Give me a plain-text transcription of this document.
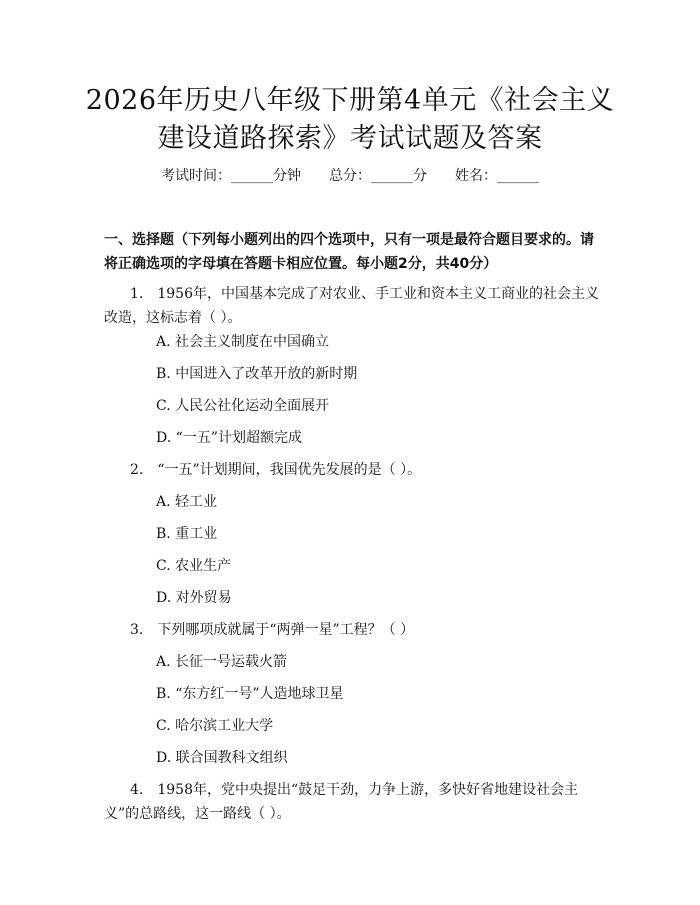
2026年历史八年级下册第4单元《社会主义
建设道路探索》考试试题及答案
考试时间：______分钟 总分：______分 姓名：______
一、选择题（下列每小题列出的四个选项中，只有一项是最符合题目要求的。请将正确选项的字母填在答题卡相应位置。每小题2分，共40分）
1.　1956年，中国基本完成了对农业、手工业和资本主义工商业的社会主义改造，这标志着（ ）。
A. 社会主义制度在中国确立
B. 中国进入了改革开放的新时期
C. 人民公社化运动全面展开
D. “一五”计划超额完成
2.　“一五”计划期间，我国优先发展的是（ ）。
A. 轻工业
B. 重工业
C. 农业生产
D. 对外贸易
3.　下列哪项成就属于“两弹一星”工程？（ ）
A. 长征一号运载火箭
B. “东方红一号”人造地球卫星
C. 哈尔滨工业大学
D. 联合国教科文组织
4.　1958年，党中央提出“鼓足干劲，力争上游，多快好省地建设社会主义”的总路线，这一路线（ ）。
